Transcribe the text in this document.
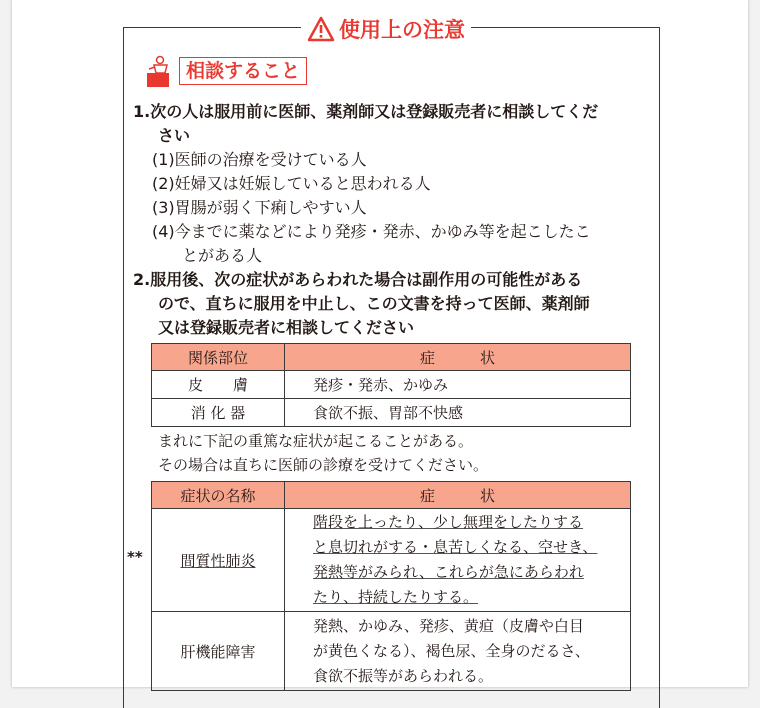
使用上の注意
相談すること
1.次の人は服用前に医師、薬剤師又は登録販売者に相談してくだ
さい
(1)医師の治療を受けている人
(2)妊婦又は妊娠していると思われる人
(3)胃腸が弱く下痢しやすい人
(4)今までに薬などにより発疹・発赤、かゆみ等を起こしたこ
とがある人
2.服用後、次の症状があらわれた場合は副作用の可能性がある
ので、直ちに服用を中止し、この文書を持って医師、薬剤師
又は登録販売者に相談してください
関係部位	症　　　状
皮　　膚	発疹・発赤、かゆみ
消 化 器	食欲不振、胃部不快感
まれに下記の重篤な症状が起こることがある。
その場合は直ちに医師の診療を受けてください。
**
症状の名称	症　　　状
間質性肺炎	階段を上ったり、少し無理をしたりする
と息切れがする・息苦しくなる、空せき、
発熱等がみられ、これらが急にあらわれ
たり、持続したりする。

肝機能障害	発熱、かゆみ、発疹、黄疸（皮膚や白目
が黄色くなる）、褐色尿、全身のだるさ、
食欲不振等があらわれる。
